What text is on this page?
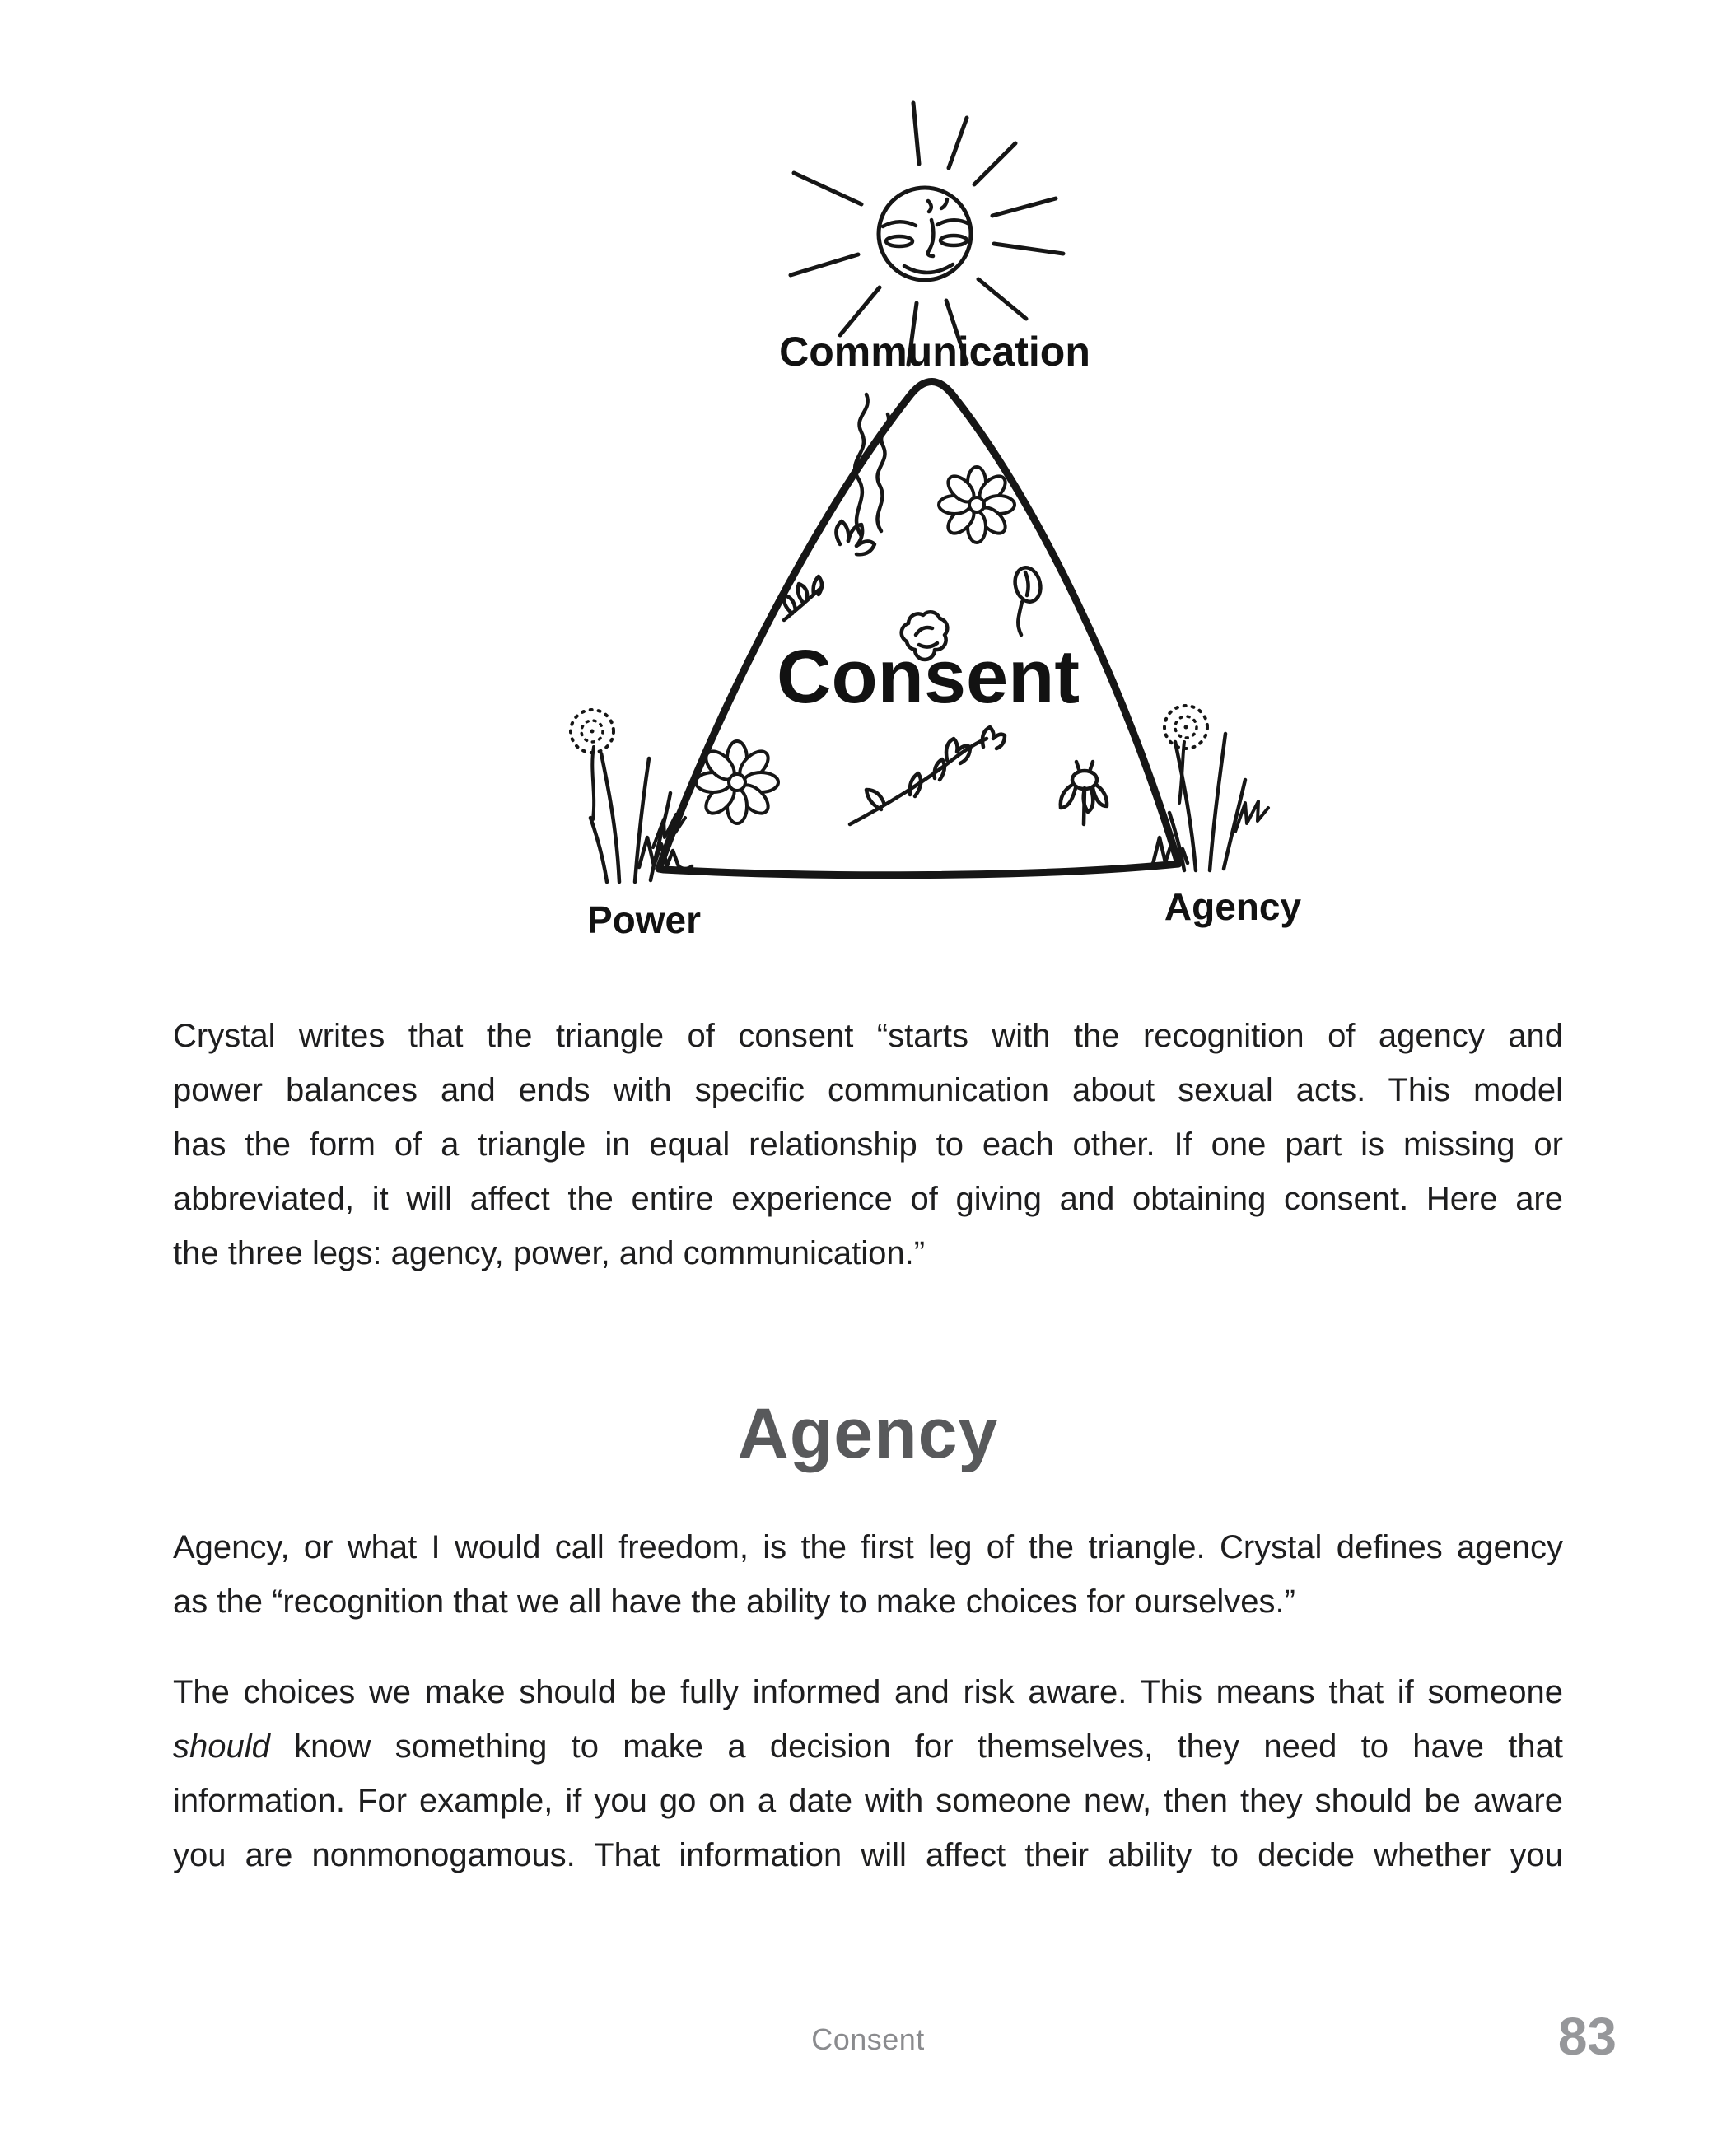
Communication
Consent
Power	Agency
Crystal writes that the triangle of consent “starts with the recognition of agency and
power balances and ends with specific communication about sexual acts. This model
has the form of a triangle in equal relationship to each other. If one part is missing or
abbreviated, it will affect the entire experience of giving and obtaining consent. Here are
the three legs: agency, power, and communication.”
Agency
Agency, or what I would call freedom, is the first leg of the triangle. Crystal defines agency
as the “recognition that we all have the ability to make choices for ourselves.”
The choices we make should be fully informed and risk aware. This means that if someone
should know something to make a decision for themselves, they need to have that
information. For example, if you go on a date with someone new, then they should be aware
you are nonmonogamous. That information will affect their ability to decide whether you
Consent	83
